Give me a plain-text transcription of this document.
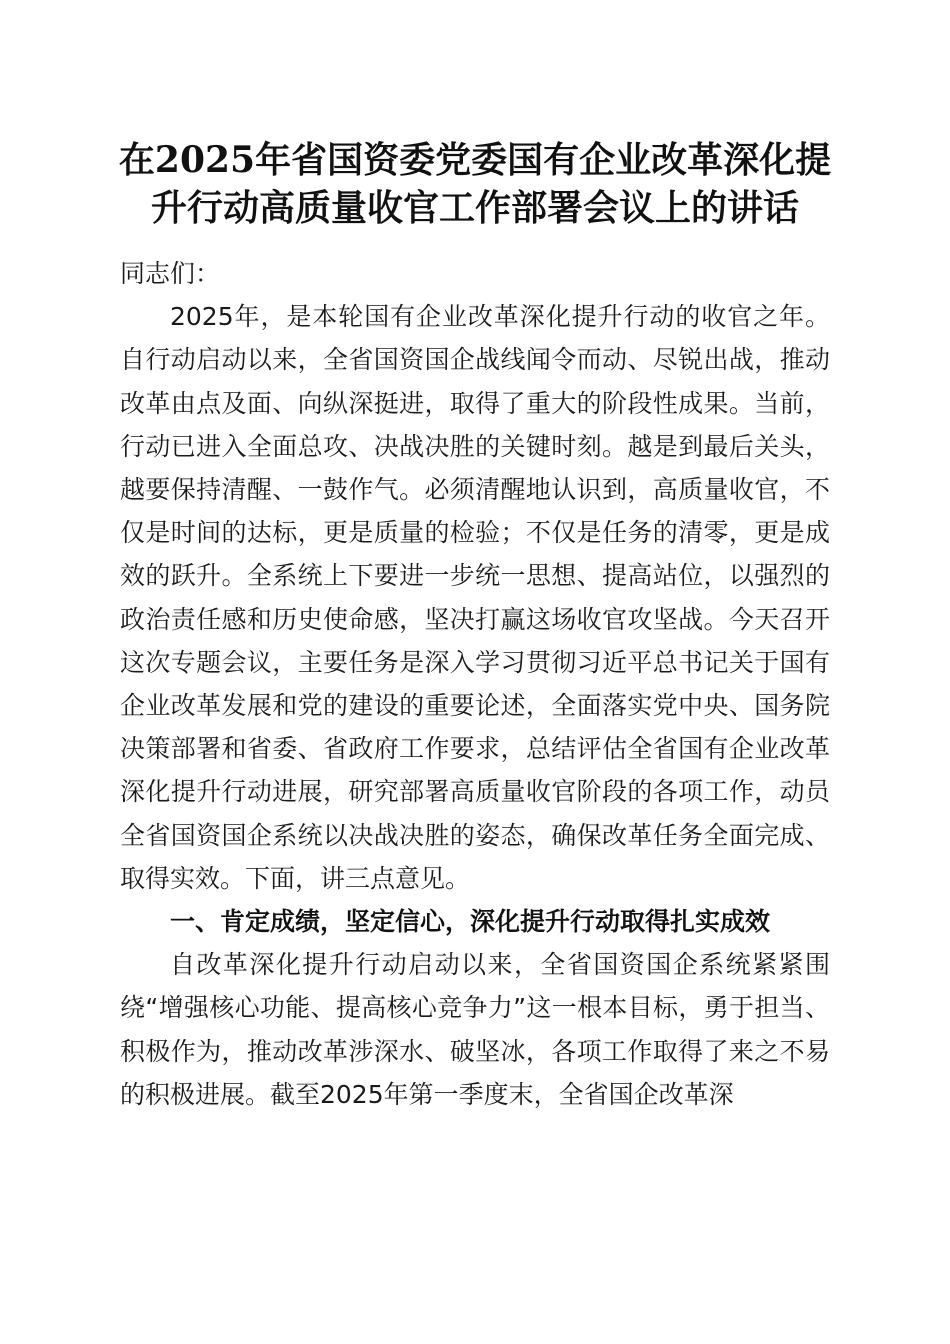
在2025年省国资委党委国有企业改革深化提
升行动高质量收官工作部署会议上的讲话

同志们：

2025年，是本轮国有企业改革深化提升行动的收官之年。自行动启动以来，全省国资国企战线闻令而动、尽锐出战，推动改革由点及面、向纵深挺进，取得了重大的阶段性成果。当前，行动已进入全面总攻、决战决胜的关键时刻。越是到最后关头，越要保持清醒、一鼓作气。必须清醒地认识到，高质量收官，不仅是时间的达标，更是质量的检验；不仅是任务的清零，更是成效的跃升。全系统上下要进一步统一思想、提高站位，以强烈的政治责任感和历史使命感，坚决打赢这场收官攻坚战。今天召开这次专题会议，主要任务是深入学习贯彻习近平总书记关于国有企业改革发展和党的建设的重要论述，全面落实党中央、国务院决策部署和省委、省政府工作要求，总结评估全省国有企业改革深化提升行动进展，研究部署高质量收官阶段的各项工作，动员全省国资国企系统以决战决胜的姿态，确保改革任务全面完成、取得实效。下面，讲三点意见。

一、肯定成绩，坚定信心，深化提升行动取得扎实成效

自改革深化提升行动启动以来，全省国资国企系统紧紧围绕“增强核心功能、提高核心竞争力”这一根本目标，勇于担当、积极作为，推动改革涉深水、破坚冰，各项工作取得了来之不易的积极进展。截至2025年第一季度末，全省国企改革深
